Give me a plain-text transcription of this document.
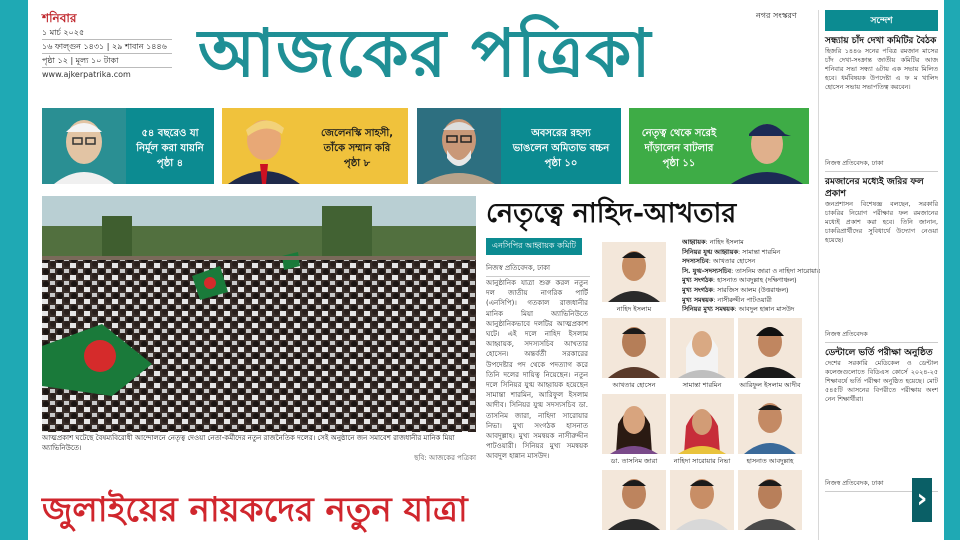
শনিবার
১ মার্চ ২০২৫
১৬ ফাল্গুন ১৪৩১ | ২৯ শাবান ১৪৪৬
পৃষ্ঠা ১২ | মূল্য ১০ টাকা
www.ajkerpatrika.com
নগর সংস্করণ
আজকের পত্রিকা
৫৪ বছরেও যা
নির্মূল করা যায়নি
পৃষ্ঠা ৪
জেলেনস্কি সাহসী,
তাঁকে সম্মান করি
পৃষ্ঠা ৮
অবসরের রহস্য
ভাঙলেন অমিতাভ বচ্চন
পৃষ্ঠা ১০
নেতৃত্ব থেকে সরেই
দাঁড়ালেন বাটলার
পৃষ্ঠা ১১
আত্মপ্রকাশ ঘটেছে বৈষম্যবিরোধী আন্দোলনে নেতৃত্ব দেওয়া নেতা-কর্মীদের নতুন রাজনৈতিক দলের। সেই অনুষ্ঠানে জন সমাবেশ রাজধানীর মানিক মিয়া অ্যাভিনিউতে।
ছবি: আজকের পত্রিকা
জুলাইয়ের নায়কদের নতুন যাত্রা
নেতৃত্বে নাহিদ-আখতার
এনসিপির আহ্বায়ক কমিটি
নিজস্ব প্রতিবেদক, ঢাকা
আনুষ্ঠানিক যাত্রা শুরু করল নতুন দল জাতীয় নাগরিক পার্টি (এনসিপি)। গতকাল রাজধানীর মানিক মিয়া অ্যাভিনিউতে আনুষ্ঠানিকভাবে দলটির আত্মপ্রকাশ ঘটে। এই দলে নাহিদ ইসলাম আহ্বায়ক, সদস্যসচিব আখতার হোসেন। অন্তর্বর্তী সরকারের উপদেষ্টার পদ থেকে পদত্যাগ করে তিনি দলের দায়িত্ব নিয়েছেন। নতুন দলে সিনিয়র যুগ্ম আহ্বায়ক হয়েছেন সামান্তা শারমিন, আরিফুল ইসলাম আদীব। সিনিয়র যুগ্ম সদস্যসচিব ডা. তাসনিম জারা, নাহিদা সারোয়ার নিভা। মুখ্য সংগঠক হাসনাত আবদুল্লাহ। মুখ্য সমন্বয়ক নাসীরুদ্দীন পাটওয়ারী। সিনিয়র মুখ্য সমন্বয়ক আবদুল হান্নান মাসউদ।
আহ্বায়ক: নাহিদ ইসলাম
সিনিয়র যুগ্ম আহ্বায়ক: সামান্তা শারমিন
সদস্যসচিব: আখতার হোসেন
সি. যুগ্ম-সদস্যসচিব: তাসনিম জারা ও নাহিদা সারোয়ার
মুখ্য সংগঠক: হাসনাত আবদুল্লাহ (দক্ষিণাঞ্চল)
মুখ্য সংগঠক: সারজিস আলম (উত্তরাঞ্চল)
মুখ্য সমন্বয়ক: নাসীরুদ্দীন পাটওয়ারী
সিনিয়র মুখ্য সমন্বয়ক: আবদুল হান্নান মাসউদ
নাহিদ ইসলাম
আখতার হোসেন	সামান্তা শারমিন	আরিফুল ইসলাম আদীব
ডা. তাসনিম জারা	নাহিদা সারোয়ার নিভা	হাসনাত আবদুল্লাহ
সন্দেশ
সন্ধ্যায় চাঁদ দেখা কমিটির বৈঠক
হিজরি ১৪৪৬ সনের পবিত্র রমজান মাসের চাঁদ দেখা-সংক্রান্ত জাতীয় কমিটির আজ শনিবার সভা সন্ধ্যা ৬টায় এক সভায় মিলিত হবে। ধর্মবিষয়ক উপদেষ্টা এ ফ ম খালিদ হোসেন সভায় সভাপতিত্ব করবেন।
নিজস্ব প্রতিবেদক, ঢাকা
রমজানের মধ্যেই জরির ফল প্রকাশ
জনপ্রশাসন বিশেষজ্ঞ বলছেন, সরকারি চাকরির নিয়োগ পরীক্ষার ফল রমজানের মধ্যেই প্রকাশ করা হবে। তিনি জানান, চাকরিপ্রার্থীদের সুবিধার্থে উদ্যোগ নেওয়া হয়েছে।
নিজস্ব প্রতিবেদক
ডেন্টালে ভর্তি পরীক্ষা অনুষ্ঠিত
দেশের সরকারি মেডিকেল ও ডেন্টাল কলেজগুলোতে বিডিএস কোর্সে ২০২৪-২৫ শিক্ষাবর্ষে ভর্তি পরীক্ষা অনুষ্ঠিত হয়েছে। মোট ৫৪৫টি আসনের বিপরীতে পরীক্ষায় অংশ নেন শিক্ষার্থীরা।
নিজস্ব প্রতিবেদক, ঢাকা
›
